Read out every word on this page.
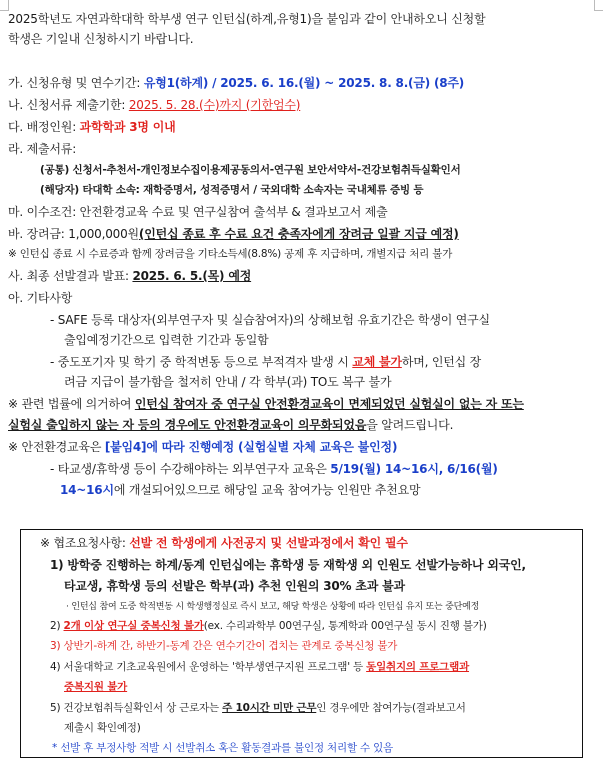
2025학년도 자연과학대학 학부생 연구 인턴십(하계,유형1)을 붙임과 같이 안내하오니 신청할
학생은 기일내 신청하시기 바랍니다.
가. 신청유형 및 연수기간: 유형1(하계) / 2025. 6. 16.(월) ~ 2025. 8. 8.(금) (8주)
나. 신청서류 제출기한: 2025. 5. 28.(수)까지 (기한엄수)
다. 배정인원: 과학학과 3명 이내
라. 제출서류:
(공통) 신청서-추천서-개인정보수집이용제공동의서-연구원 보안서약서-건강보험취득실확인서
(해당자) 타대학 소속: 재학증명서, 성적증명서 / 국외대학 소속자는 국내체류 증빙 등
마. 이수조건: 안전환경교육 수료 및 연구실참여 출석부 & 결과보고서 제출
바. 장려금: 1,000,000원(인턴십 종료 후 수료 요건 충족자에게 장려금 일괄 지급 예정)
※ 인턴십 종료 시 수료증과 함께 장려금을 기타소득세(8.8%) 공제 후 지급하며, 개별지급 처리 불가
사. 최종 선발결과 발표: 2025. 6. 5.(목) 예정
아. 기타사항
- SAFE 등록 대상자(외부연구자 및 실습참여자)의 상해보험 유효기간은 학생이 연구실
출입예정기간으로 입력한 기간과 동일함
- 중도포기자 및 학기 중 학적변동 등으로 부적격자 발생 시 교체 불가하며, 인턴십 장
려금 지급이 불가함을 철저히 안내 / 각 학부(과) TO도 복구 불가
※ 관련 법률에 의거하여 인턴십 참여자 중 연구실 안전환경교육이 면제되었던 실험실이 없는 자 또는
실험실 출입하지 않는 자 등의 경우에도 안전환경교육이 의무화되었음을 알려드립니다.
※ 안전환경교육은 [붙임4]에 따라 진행예정 (실험실별 자체 교육은 불인정)
- 타교생/휴학생 등이 수강해야하는 외부연구자 교육은 5/19(월) 14~16시, 6/16(월)
14~16시에 개설되어있으므로 해당일 교육 참여가능 인원만 추천요망
※ 협조요청사항: 선발 전 학생에게 사전공지 및 선발과정에서 확인 필수
1) 방학중 진행하는 하계/동계 인턴십에는 휴학생 등 재학생 외 인원도 선발가능하나 외국인,
타교생, 휴학생 등의 선발은 학부(과) 추천 인원의 30% 초과 불과
· 인턴십 참여 도중 학적변동 시 학생행정실로 즉시 보고, 해당 학생은 상황에 따라 인턴십 유지 또는 중단예정
2) 2개 이상 연구실 중복신청 불가(ex. 수리과학부 00연구실, 통계학과 00연구실 동시 진행 불가)
3) 상반기-하계 간, 하반기-동계 간은 연수기간이 겹치는 관계로 중복신청 불가
4) 서울대학교 기초교육원에서 운영하는 '학부생연구지원 프로그램' 등 동일취지의 프로그램과
중복지원 불가
5) 건강보험취득실확인서 상 근로자는 주 10시간 미만 근무인 경우에만 참여가능(결과보고서
제출시 확인예정)
* 선발 후 부정사항 적발 시 선발취소 혹은 활동결과를 불인정 처리할 수 있음
